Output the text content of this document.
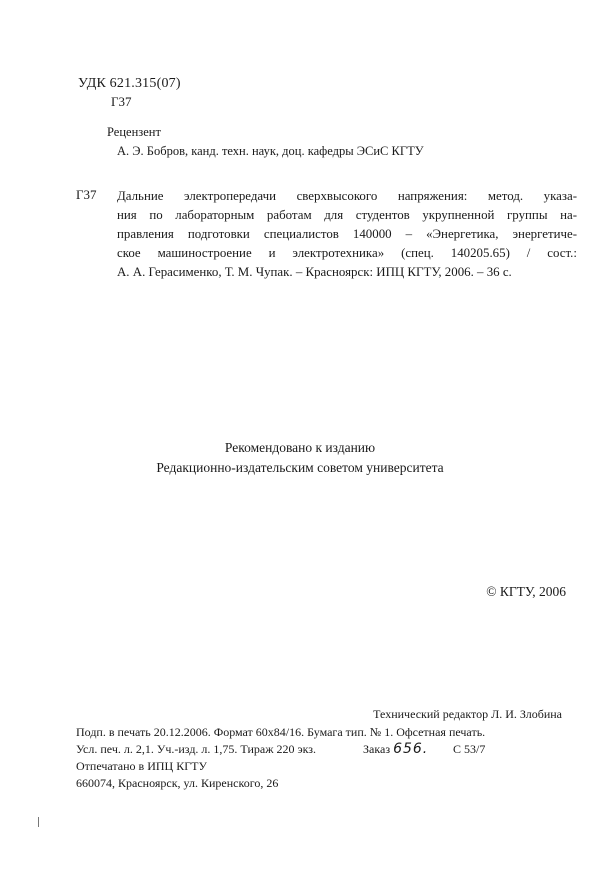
УДК 621.315(07)
Г37
Рецензент
А. Э. Бобров, канд. техн. наук, доц. кафедры ЭСиС КГТУ
Г37 Дальние электропередачи сверхвысокого напряжения: метод. указа-
ния по лабораторным работам для студентов укрупненной группы на-
правления подготовки специалистов 140000 – «Энергетика, энергетиче-
ское машиностроение и электротехника» (спец. 140205.65) / сост.:
А. А. Герасименко, Т. М. Чупак. – Красноярск: ИПЦ КГТУ, 2006. – 36 с.
Рекомендовано к изданию
Редакционно-издательским советом университета
© КГТУ, 2006
Технический редактор Л. И. Злобина
Подп. в печать 20.12.2006. Формат 60х84/16. Бумага тип. № 1. Офсетная печать.
Усл. печ. л. 2,1. Уч.-изд. л. 1,75. Тираж 220 экз.	Заказ 656. С 53/7
Отпечатано в ИПЦ КГТУ
660074, Красноярск, ул. Киренского, 26
